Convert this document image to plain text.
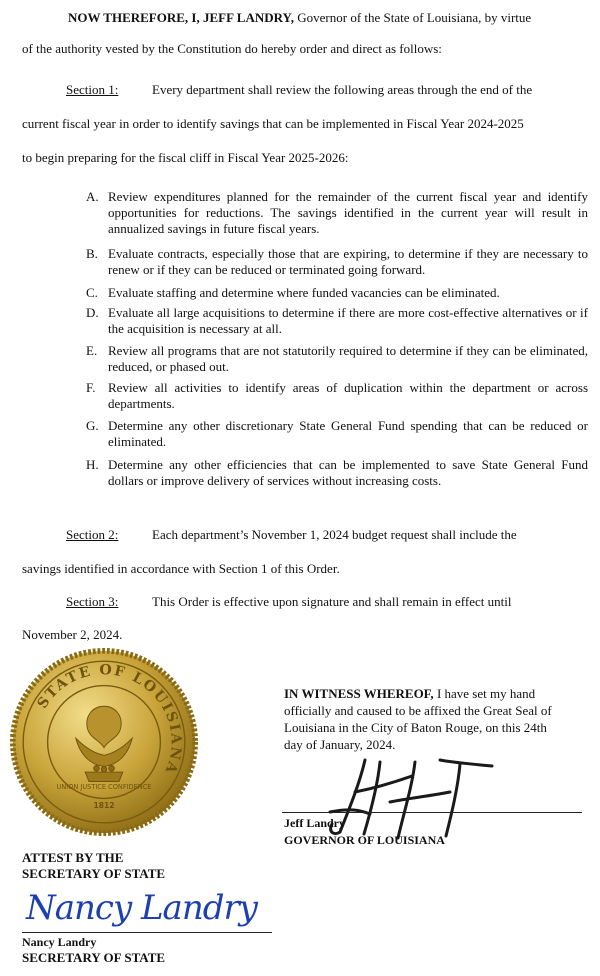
NOW THEREFORE, I, JEFF LANDRY, Governor of the State of Louisiana, by virtue
of the authority vested by the Constitution do hereby order and direct as follows:
Section 1:	Every department shall review the following areas through the end of the
current fiscal year in order to identify savings that can be implemented in Fiscal Year 2024-2025
to begin preparing for the fiscal cliff in Fiscal Year 2025-2026:
A. Review expenditures planned for the remainder of the current fiscal year and identify opportunities for reductions. The savings identified in the current year will result in annualized savings in future fiscal years.
B. Evaluate contracts, especially those that are expiring, to determine if they are necessary to renew or if they can be reduced or terminated going forward.
C. Evaluate staffing and determine where funded vacancies can be eliminated.
D. Evaluate all large acquisitions to determine if there are more cost-effective alternatives or if the acquisition is necessary at all.
E. Review all programs that are not statutorily required to determine if they can be eliminated, reduced, or phased out.
F. Review all activities to identify areas of duplication within the department or across departments.
G. Determine any other discretionary State General Fund spending that can be reduced or eliminated.
H. Determine any other efficiencies that can be implemented to save State General Fund dollars or improve delivery of services without increasing costs.
Section 2:	Each department’s November 1, 2024 budget request shall include the
savings identified in accordance with Section 1 of this Order.
Section 3:	This Order is effective upon signature and shall remain in effect until
November 2, 2024.
STATE OF LOUISIANA
UNION JUSTICE CONFIDENCE
1812
IN WITNESS WHEREOF, I have set my hand
officially and caused to be affixed the Great Seal of
Louisiana in the City of Baton Rouge, on this 24th
day of January, 2024.
Jeff Landry
GOVERNOR OF LOUISIANA
ATTEST BY THE
SECRETARY OF STATE
Nancy Landry
Nancy Landry
SECRETARY OF STATE
